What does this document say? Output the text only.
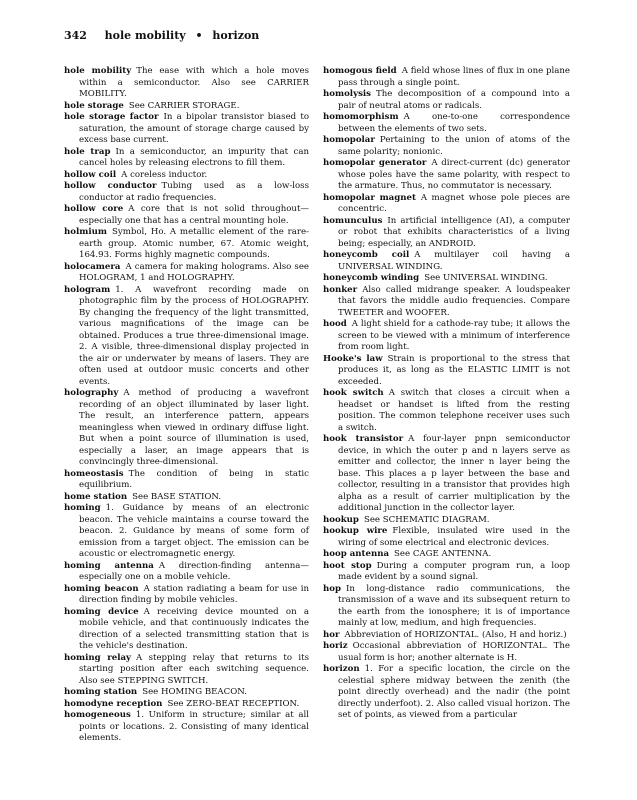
342 hole mobility • horizon

hole mobility The ease with which a hole moves within a semiconductor. Also see CARRIER MOBILITY.

hole storage See CARRIER STORAGE.

hole storage factor In a bipolar transistor biased to saturation, the amount of storage charge caused by excess base current.

hole trap In a semiconductor, an impurity that can cancel holes by releasing electrons to fill them.

hollow coil A coreless inductor.

hollow conductor Tubing used as a low-loss conductor at radio frequencies.

hollow core A core that is not solid throughout—especially one that has a central mounting hole.

holmium Symbol, Ho. A metallic element of the rare-earth group. Atomic number, 67. Atomic weight, 164.93. Forms highly magnetic compounds.

holocamera A camera for making holograms. Also see HOLOGRAM, 1 and HOLOGRAPHY.

hologram 1. A wavefront recording made on photographic film by the process of HOLOGRAPHY. By changing the frequency of the light transmitted, various magnifications of the image can be obtained. Produces a true three-dimensional image. 2. A visible, three-dimensional display projected in the air or underwater by means of lasers. They are often used at outdoor music concerts and other events.

holography A method of producing a wavefront recording of an object illuminated by laser light. The result, an interference pattern, appears meaningless when viewed in ordinary diffuse light. But when a point source of illumination is used, especially a laser, an image appears that is convincingly three-dimensional.

homeostasis The condition of being in static equilibrium.

home station See BASE STATION.

homing 1. Guidance by means of an electronic beacon. The vehicle maintains a course toward the beacon. 2. Guidance by means of some form of emission from a target object. The emission can be acoustic or electromagnetic energy.

homing antenna A direction-finding antenna—especially one on a mobile vehicle.

homing beacon A station radiating a beam for use in direction finding by mobile vehicles.

homing device A receiving device mounted on a mobile vehicle, and that continuously indicates the direction of a selected transmitting station that is the vehicle's destination.

homing relay A stepping relay that returns to its starting position after each switching sequence. Also see STEPPING SWITCH.

homing station See HOMING BEACON.

homodyne reception See ZERO-BEAT RECEPTION.

homogeneous 1. Uniform in structure; similar at all points or locations. 2. Consisting of many identical elements.

homogous field A field whose lines of flux in one plane pass through a single point.

homolysis The decomposition of a compound into a pair of neutral atoms or radicals.

homomorphism A one-to-one correspondence between the elements of two sets.

homopolar Pertaining to the union of atoms of the same polarity; nonionic.

homopolar generator A direct-current (dc) generator whose poles have the same polarity, with respect to the armature. Thus, no commutator is necessary.

homopolar magnet A magnet whose pole pieces are concentric.

homunculus In artificial intelligence (AI), a computer or robot that exhibits characteristics of a living being; especially, an ANDROID.

honeycomb coil A multilayer coil having a UNIVERSAL WINDING.

honeycomb winding See UNIVERSAL WINDING.

honker Also called midrange speaker. A loudspeaker that favors the middle audio frequencies. Compare TWEETER and WOOFER.

hood A light shield for a cathode-ray tube; it allows the screen to be viewed with a minimum of interference from room light.

Hooke's law Strain is proportional to the stress that produces it, as long as the ELASTIC LIMIT is not exceeded.

hook switch A switch that closes a circuit when a headset or handset is lifted from the resting position. The common telephone receiver uses such a switch.

hook transistor A four-layer pnpn semiconductor device, in which the outer p and n layers serve as emitter and collector, the inner n layer being the base. This places a p layer between the base and collector, resulting in a transistor that provides high alpha as a result of carrier multiplication by the additional junction in the collector layer.

hookup See SCHEMATIC DIAGRAM.

hookup wire Flexible, insulated wire used in the wiring of some electrical and electronic devices.

hoop antenna See CAGE ANTENNA.

hoot stop During a computer program run, a loop made evident by a sound signal.

hop In long-distance radio communications, the transmission of a wave and its subsequent return to the earth from the ionosphere; it is of importance mainly at low, medium, and high frequencies.

hor Abbreviation of HORIZONTAL. (Also, H and horiz.)

horiz Occasional abbreviation of HORIZONTAL. The usual form is hor; another alternate is H.

horizon 1. For a specific location, the circle on the celestial sphere midway between the zenith (the point directly overhead) and the nadir (the point directly underfoot). 2. Also called visual horizon. The set of points, as viewed from a particular
